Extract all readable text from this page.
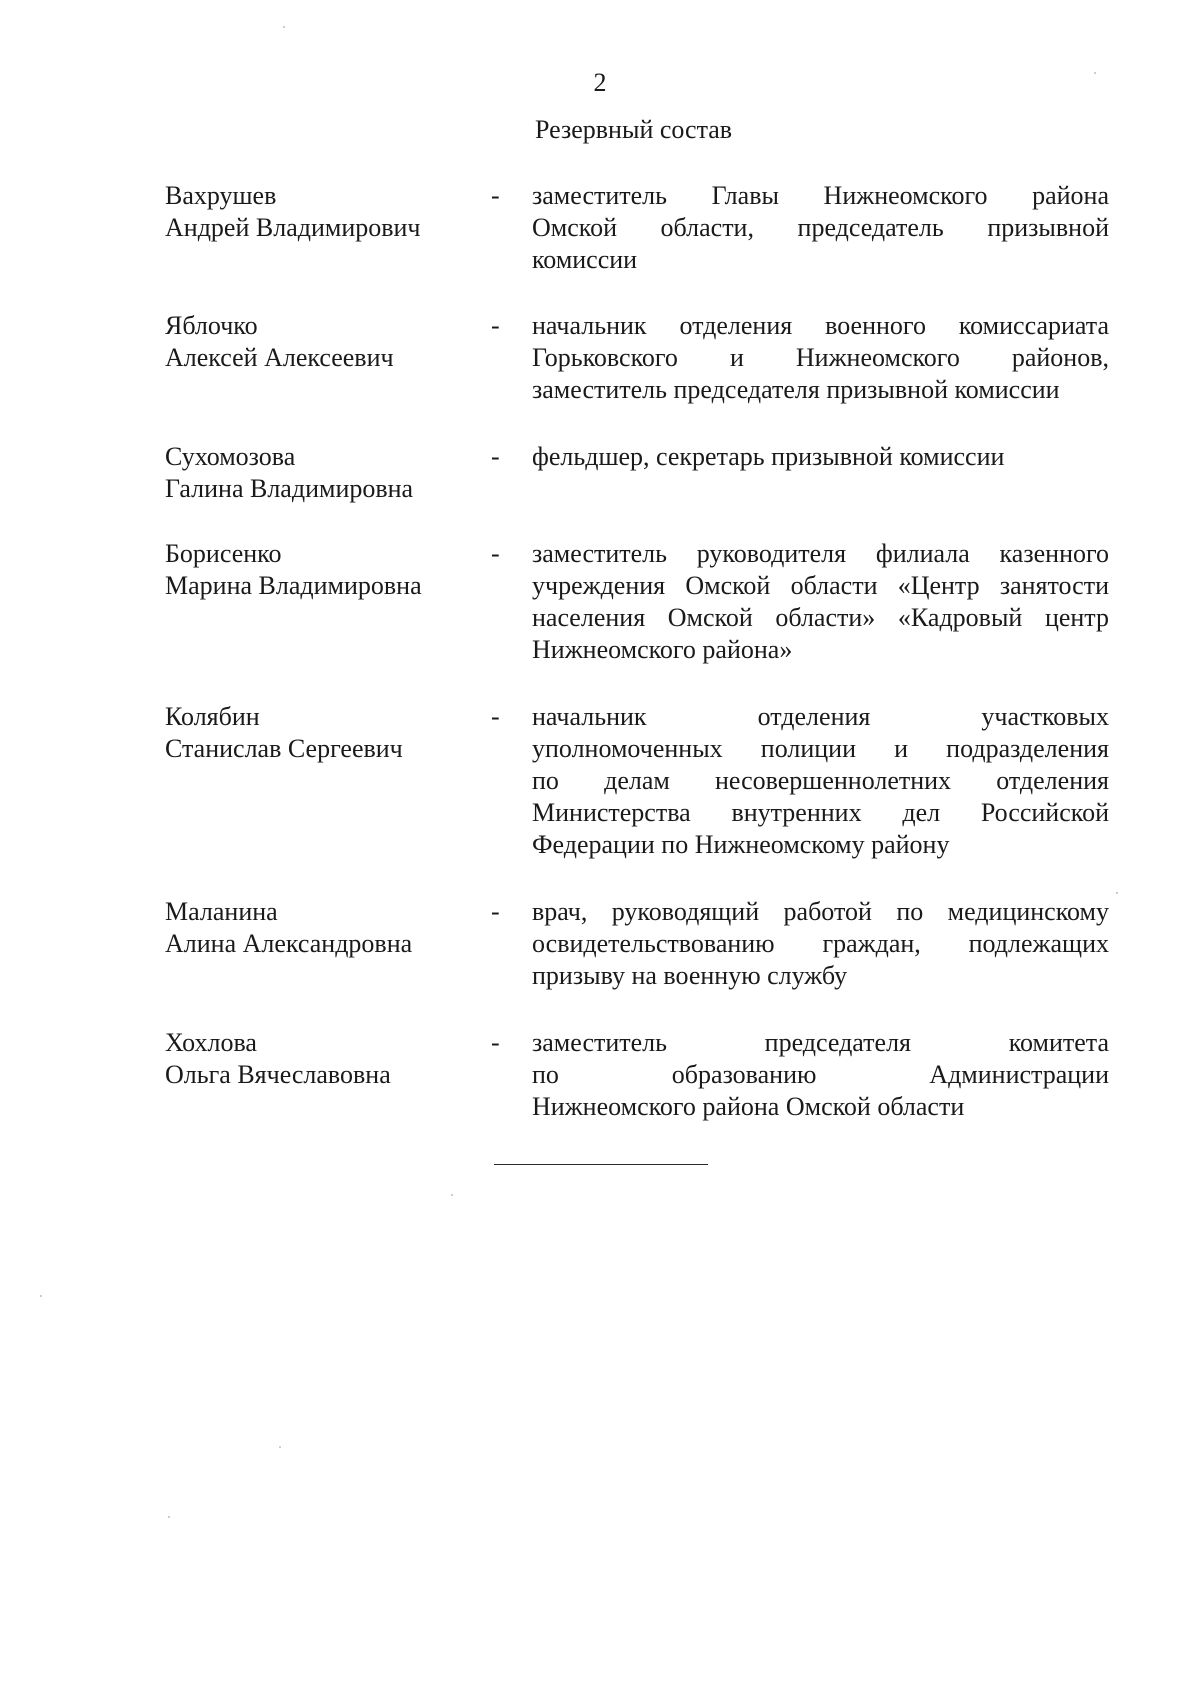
2
Резервный состав
Вахрушев
Андрей Владимирович
- заместитель Главы Нижнеомского района
Омской области, председатель призывной
комиссии
Яблочко
Алексей Алексеевич
- начальник отделения военного комиссариата
Горьковского и Нижнеомского районов,
заместитель председателя призывной комиссии
Сухомозова
Галина Владимировна
- фельдшер, секретарь призывной комиссии
Борисенко
Марина Владимировна
- заместитель руководителя филиала казенного
учреждения Омской области «Центр занятости
населения Омской области» «Кадровый центр
Нижнеомского района»
Колябин
Станислав Сергеевич
- начальник отделения участковых
уполномоченных полиции и подразделения
по делам несовершеннолетних отделения
Министерства внутренних дел Российской
Федерации по Нижнеомскому району
Маланина
Алина Александровна
- врач, руководящий работой по медицинскому
освидетельствованию граждан, подлежащих
призыву на военную службу
Хохлова
Ольга Вячеславовна
- заместитель председателя комитета
по образованию Администрации
Нижнеомского района Омской области
